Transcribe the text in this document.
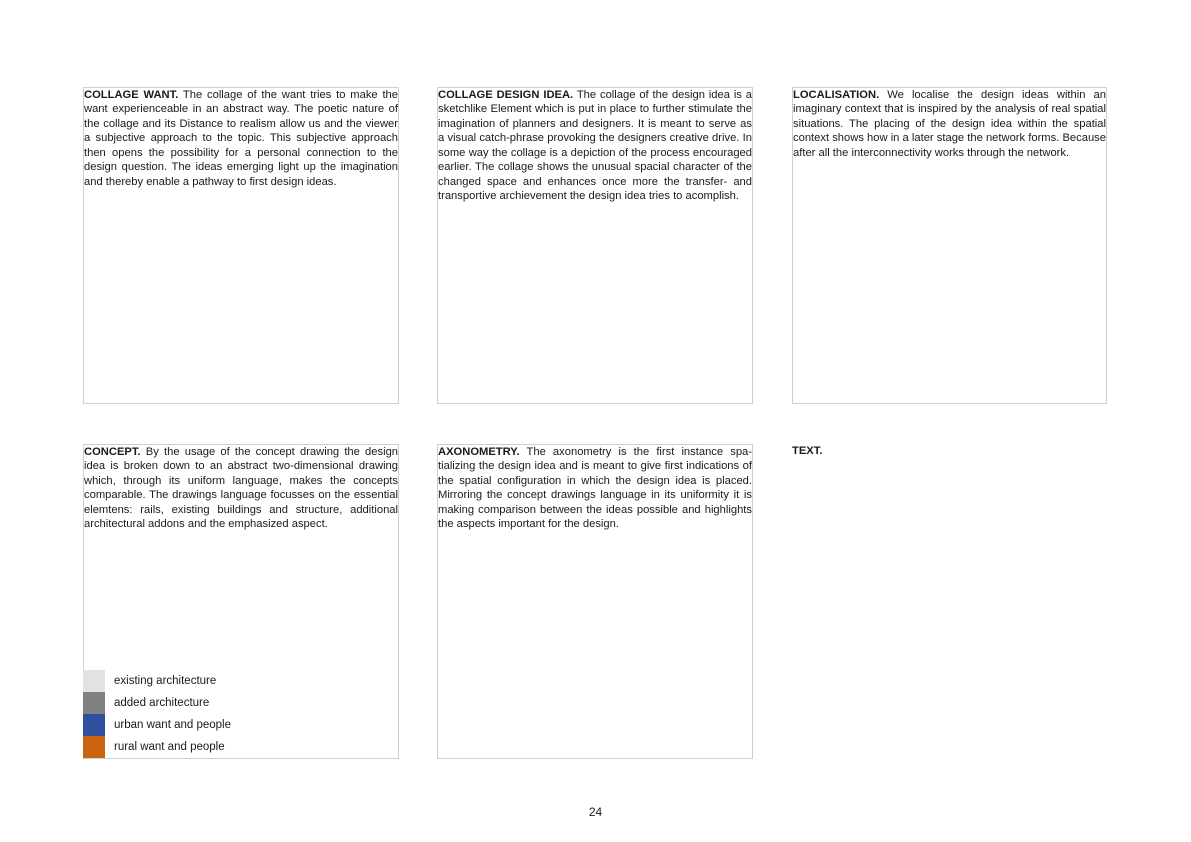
COLLAGE WANT. The collage of the want tries to make the want experienceable in an abstract way. The poetic nature of the collage and its Distance to realism allow us and the viewer a subjective approach to the topic. This subjective approach then opens the possibility for a personal connection to the design question. The ideas emerging light up the imagination and thereby enable a pathway to first design ideas.
COLLAGE DESIGN IDEA. The collage of the design idea is a sketchlike Element which is put in place to further stimulate the imagination of planners and designers. It is meant to serve as a visual catch-phrase provoking the designers creative drive. In some way the collage is a depiction of the process encouraged earlier. The collage shows the unusual spacial character of the changed space and enhances once more the transfer- and transportive archievement the design idea tries to acomplish.
LOCALISATION. We localise the design ideas within an imaginary context that is inspired by the analysis of real spatial situations. The placing of the design idea within the spatial context shows how in a later stage the network forms. Because after all the interconnectivity works through the network.
CONCEPT. By the usage of the concept drawing the design idea is broken down to an abstract two-dimensional drawing which, through its uniform language, makes the concepts comparable. The drawings language focusses on the essential elemtens: rails, existing buildings and structure, additional architectural addons and the emphasized aspect.
AXONOMETRY. The axonometry is the first instance spatializing the design idea and is meant to give first indications of the spatial configuration in which the design idea is placed. Mirroring the concept drawings language in its uniformity it is making comparison between the ideas possible and highlights the aspects important for the design.
TEXT.
existing architecture
added architecture
urban want and people
rural want and people
24
